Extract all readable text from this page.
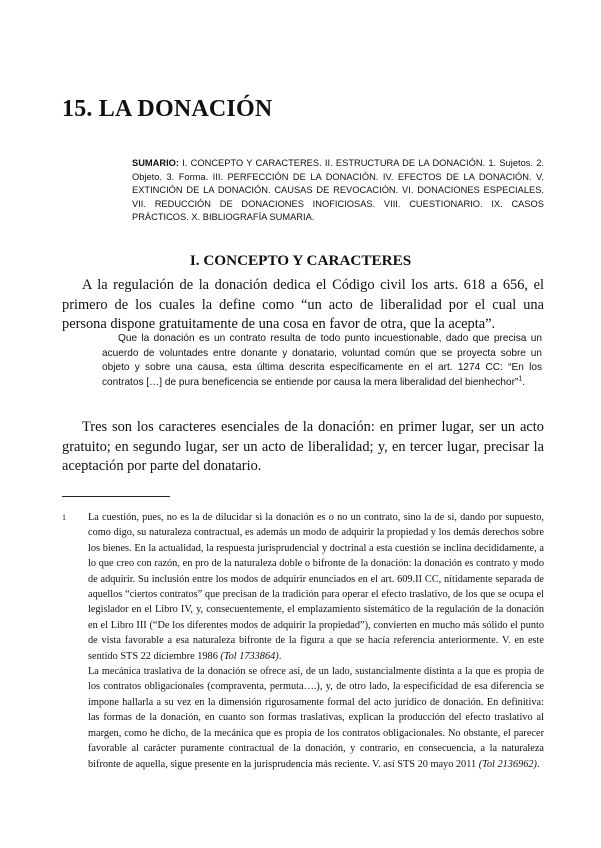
15. LA DONACIÓN
SUMARIO: I. CONCEPTO Y CARACTERES. II. ESTRUCTURA DE LA DONACIÓN. 1. Sujetos. 2. Objeto. 3. Forma. III. PERFECCIÓN DE LA DONACIÓN. IV. EFECTOS DE LA DONACIÓN. V. EXTINCIÓN DE LA DONACIÓN. CAUSAS DE REVOCACIÓN. VI. DONACIONES ESPECIALES. VII. REDUCCIÓN DE DONACIONES INOFICIOSAS. VIII. CUESTIONARIO. IX. CASOS PRÁCTICOS. X. BIBLIOGRAFÍA SUMARIA.
I. CONCEPTO Y CARACTERES
A la regulación de la donación dedica el Código civil los arts. 618 a 656, el primero de los cuales la define como “un acto de liberalidad por el cual una persona dispone gratuitamente de una cosa en favor de otra, que la acepta”.
Que la donación es un contrato resulta de todo punto incuestionable, dado que precisa un acuerdo de voluntades entre donante y donatario, voluntad común que se proyecta sobre un objeto y sobre una causa, esta última descrita específicamente en el art. 1274 CC: “En los contratos […] de pura beneficencia se entiende por causa la mera liberalidad del bienhechor”$^1$.
Tres son los caracteres esenciales de la donación: en primer lugar, ser un acto gratuito; en segundo lugar, ser un acto de liberalidad; y, en tercer lugar, precisar la aceptación por parte del donatario.
1 La cuestión, pues, no es la de dilucidar si la donación es o no un contrato, sino la de si, dando por supuesto, como digo, su naturaleza contractual, es además un modo de adquirir la propiedad y los demás derechos sobre los bienes. En la actualidad, la respuesta jurisprudencial y doctrinal a esta cuestión se inclina decididamente, a lo que creo con razón, en pro de la naturaleza doble o bifronte de la donación: la donación es contrato y modo de adquirir. Su inclusión entre los modos de adquirir enunciados en el art. 609.II CC, nítidamente separada de aquellos “ciertos contratos” que precisan de la tradición para operar el efecto traslativo, de los que se ocupa el legislador en el Libro IV, y, consecuentemente, el emplazamiento sistemático de la regulación de la donación en el Libro III (“De los diferentes modos de adquirir la propiedad”), convierten en mucho más sólido el punto de vista favorable a esa naturaleza bifronte de la figura a que se hacía referencia anteriormente. V. en este sentido STS 22 diciembre 1986 (Tol 1733864).

La mecánica traslativa de la donación se ofrece así, de un lado, sustancialmente distinta a la que es propia de los contratos obligacionales (compraventa, permuta….), y, de otro lado, la especificidad de esa diferencia se impone hallarla a su vez en la dimensión rigurosamente formal del acto jurídico de donación. En definitiva: las formas de la donación, en cuanto son formas traslativas, explican la producción del efecto traslativo al margen, como he dicho, de la mecánica que es propia de los contratos obligacionales. No obstante, el parecer favorable al carácter puramente contractual de la donación, y contrario, en consecuencia, a la naturaleza bifronte de aquella, sigue presente en la jurisprudencia más reciente. V. así STS 20 mayo 2011 (Tol 2136962).
